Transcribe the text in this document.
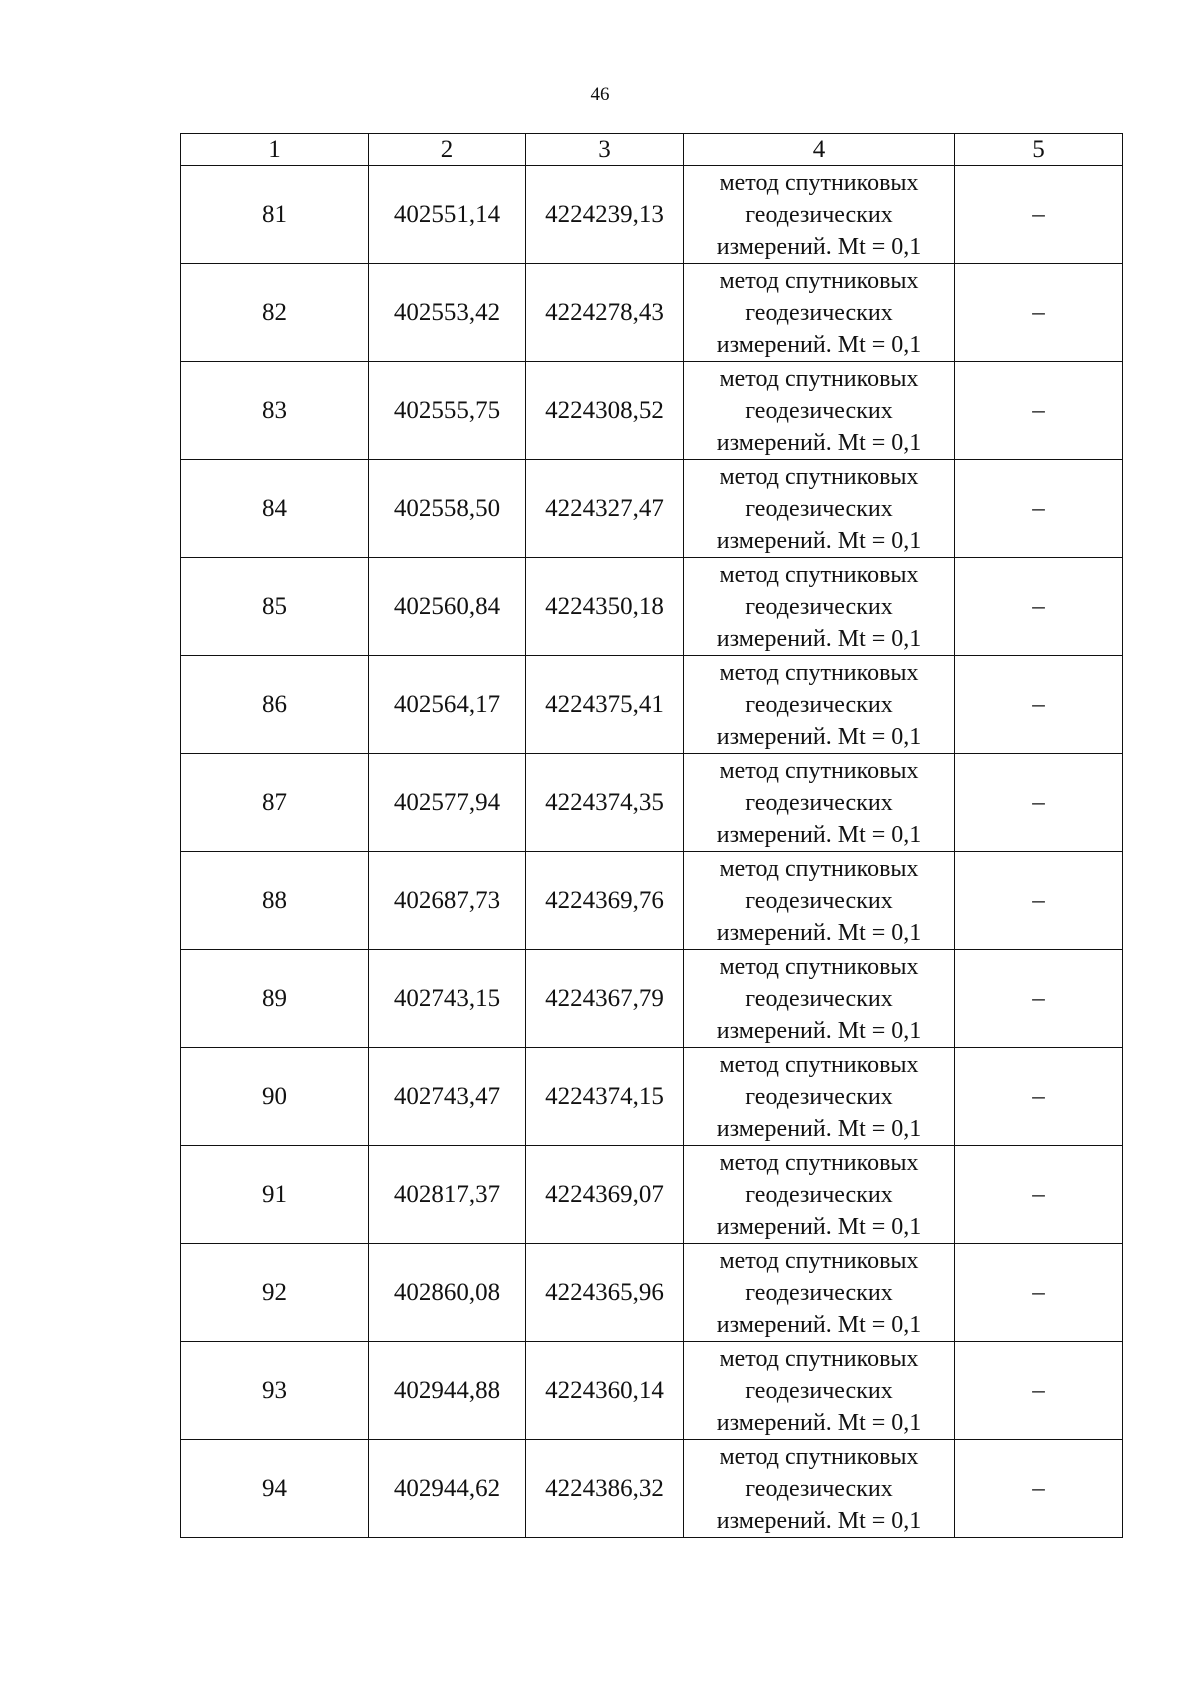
46
1	2	3	4	5
81	402551,14	4224239,13	метод спутниковых
геодезических
измерений. Mt = 0,1	–
82	402553,42	4224278,43	метод спутниковых
геодезических
измерений. Mt = 0,1	–
83	402555,75	4224308,52	метод спутниковых
геодезических
измерений. Mt = 0,1	–
84	402558,50	4224327,47	метод спутниковых
геодезических
измерений. Mt = 0,1	–
85	402560,84	4224350,18	метод спутниковых
геодезических
измерений. Mt = 0,1	–
86	402564,17	4224375,41	метод спутниковых
геодезических
измерений. Mt = 0,1	–
87	402577,94	4224374,35	метод спутниковых
геодезических
измерений. Mt = 0,1	–
88	402687,73	4224369,76	метод спутниковых
геодезических
измерений. Mt = 0,1	–
89	402743,15	4224367,79	метод спутниковых
геодезических
измерений. Mt = 0,1	–
90	402743,47	4224374,15	метод спутниковых
геодезических
измерений. Mt = 0,1	–
91	402817,37	4224369,07	метод спутниковых
геодезических
измерений. Mt = 0,1	–
92	402860,08	4224365,96	метод спутниковых
геодезических
измерений. Mt = 0,1	–
93	402944,88	4224360,14	метод спутниковых
геодезических
измерений. Mt = 0,1	–
94	402944,62	4224386,32	метод спутниковых
геодезических
измерений. Mt = 0,1	–
